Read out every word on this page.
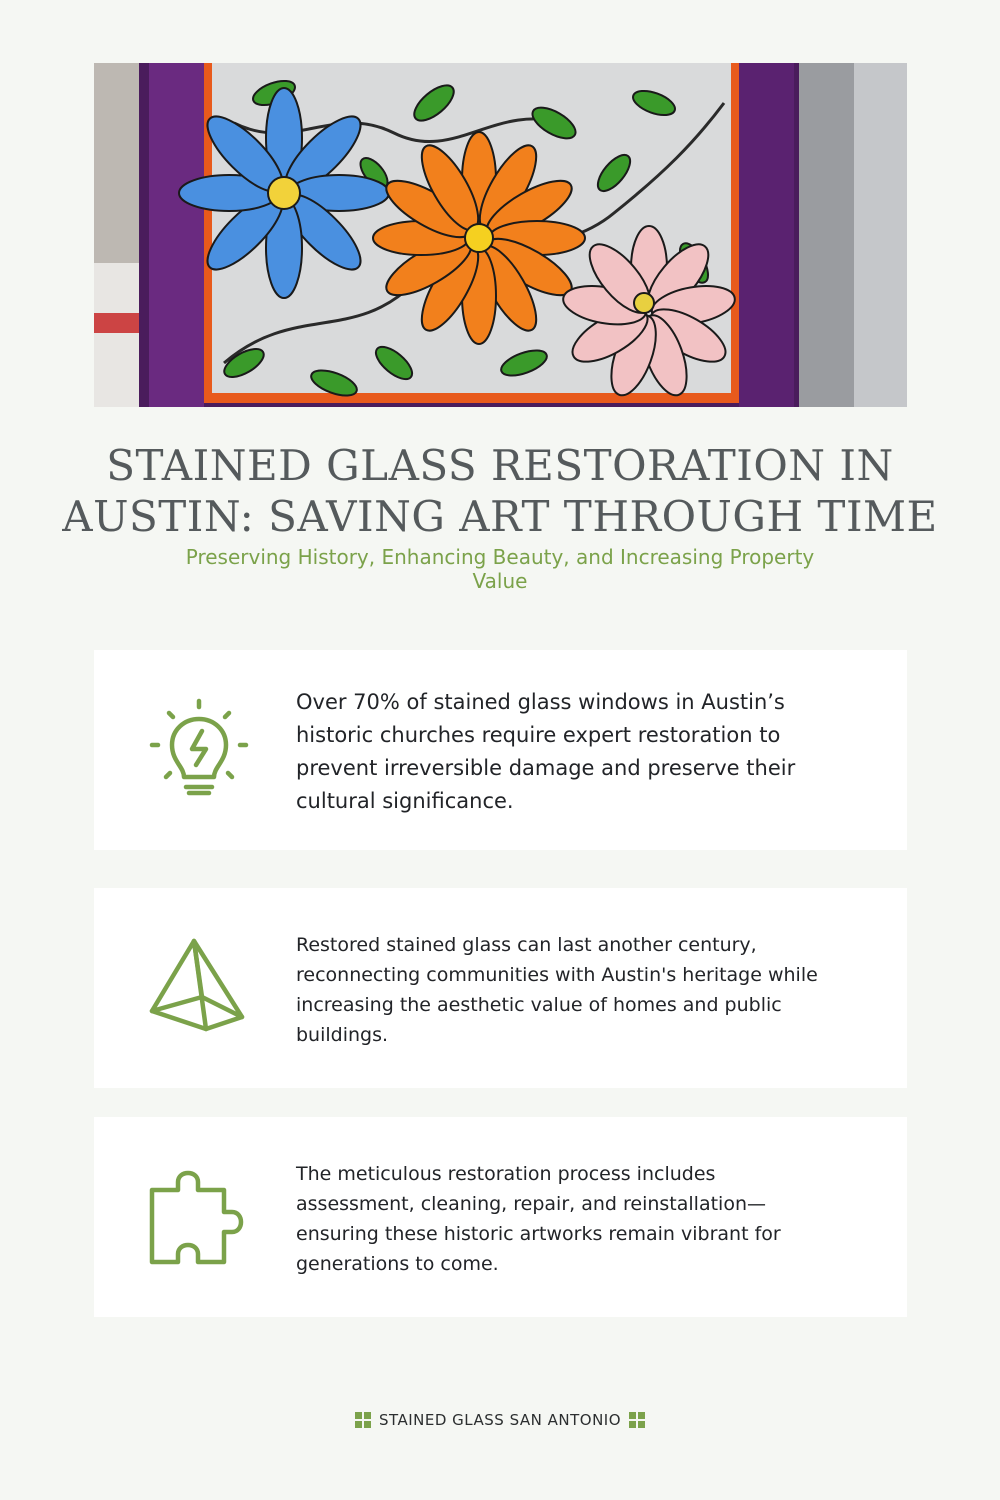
STAINED GLASS RESTORATION IN AUSTIN: SAVING ART THROUGH TIME

Preserving History, Enhancing Beauty, and Increasing Property Value

Over 70% of stained glass windows in Austin’s historic churches require expert restoration to prevent irreversible damage and preserve their cultural significance.

Restored stained glass can last another century, reconnecting communities with Austin's heritage while increasing the aesthetic value of homes and public buildings.

The meticulous restoration process includes assessment, cleaning, repair, and reinstallation—ensuring these historic artworks remain vibrant for generations to come.

STAINED GLASS SAN ANTONIO
